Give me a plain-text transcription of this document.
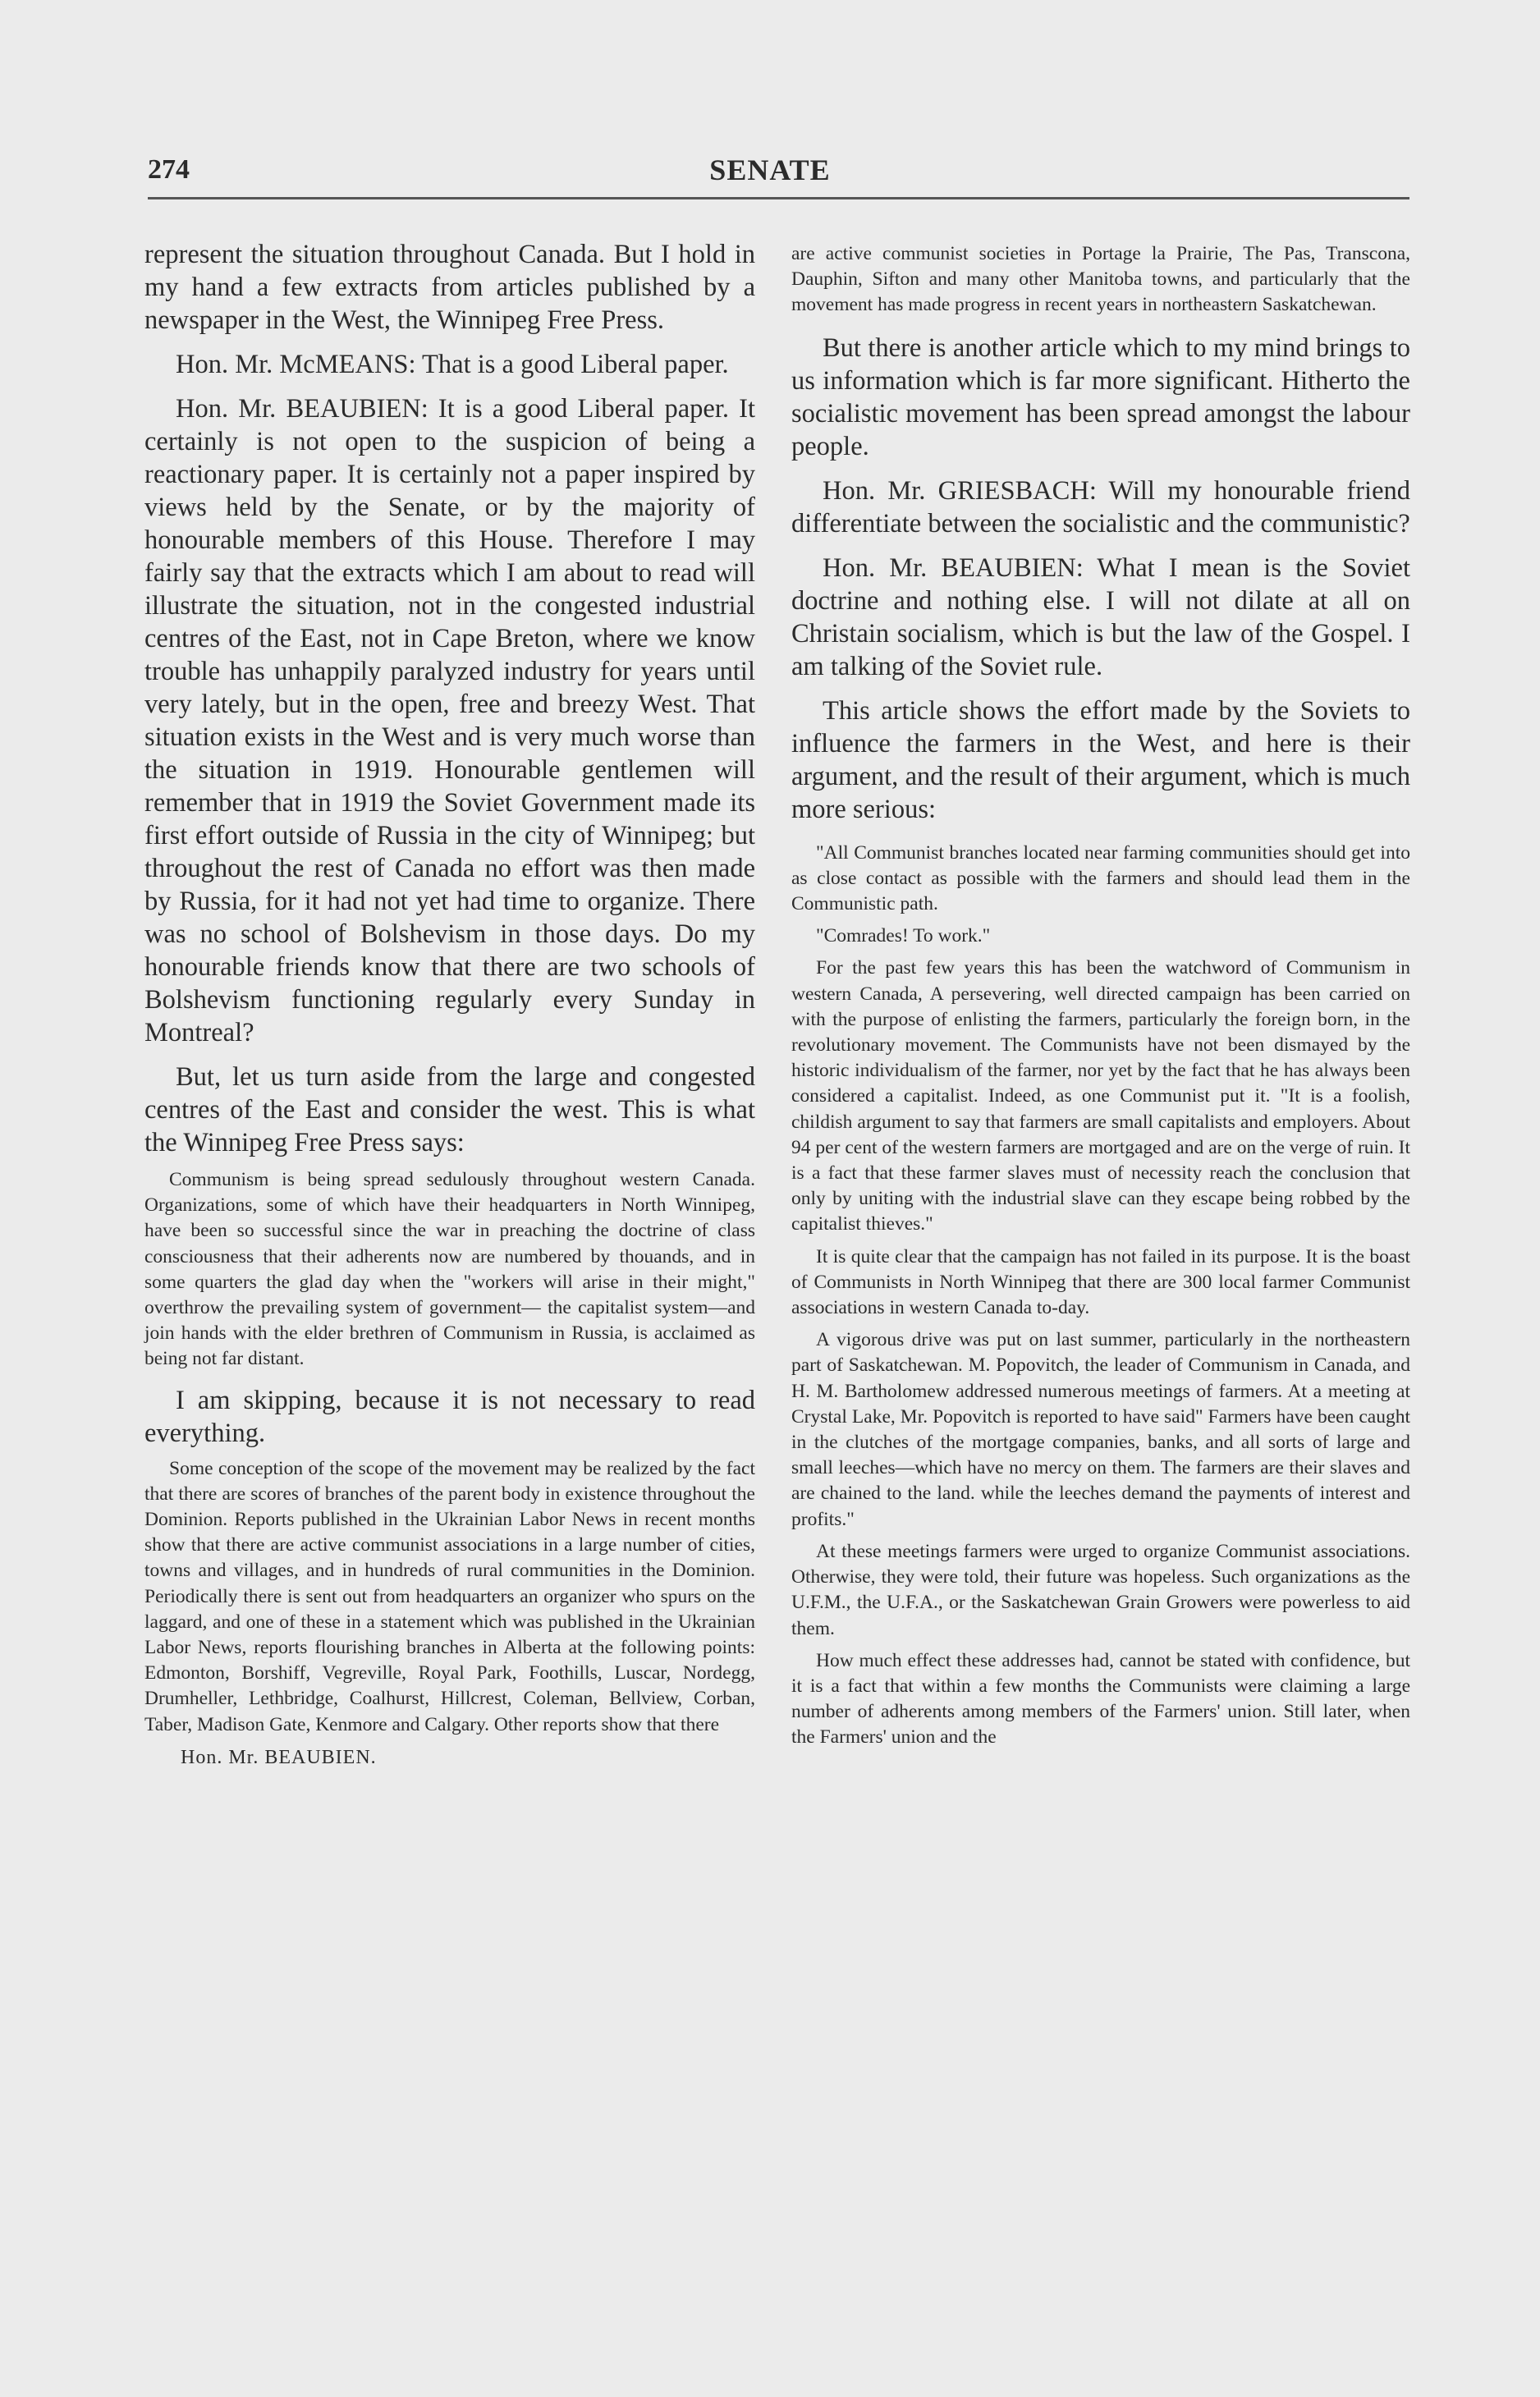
274	SENATE

represent the situation throughout Canada. But I hold in my hand a few extracts from articles published by a newspaper in the West, the Winnipeg Free Press.

Hon. Mr. McMEANS: That is a good Liberal paper.

Hon. Mr. BEAUBIEN: It is a good Liberal paper. It certainly is not open to the suspicion of being a reactionary paper. It is certainly not a paper inspired by views held by the Senate, or by the majority of honourable members of this House. Therefore I may fairly say that the extracts which I am about to read will illustrate the situation, not in the congested industrial centres of the East, not in Cape Breton, where we know trouble has unhappily paralyzed industry for years until very lately, but in the open, free and breezy West. That situation exists in the West and is very much worse than the situation in 1919. Honourable gentlemen will remember that in 1919 the Soviet Government made its first effort outside of Russia in the city of Winnipeg; but throughout the rest of Canada no effort was then made by Russia, for it had not yet had time to organize. There was no school of Bolshevism in those days. Do my honourable friends know that there are two schools of Bolshevism functioning regularly every Sunday in Montreal?

But, let us turn aside from the large and congested centres of the East and consider the west. This is what the Winnipeg Free Press says:

Communism is being spread sedulously throughout western Canada. Organizations, some of which have their headquarters in North Winnipeg, have been so successful since the war in preaching the doctrine of class consciousness that their adherents now are numbered by thouands, and in some quarters the glad day when the "workers will arise in their might," overthrow the prevailing system of government— the capitalist system—and join hands with the elder brethren of Communism in Russia, is acclaimed as being not far distant.

I am skipping, because it is not necessary to read everything.

Some conception of the scope of the movement may be realized by the fact that there are scores of branches of the parent body in existence throughout the Dominion. Reports published in the Ukrainian Labor News in recent months show that there are active communist associations in a large number of cities, towns and villages, and in hundreds of rural communities in the Dominion. Periodically there is sent out from headquarters an organizer who spurs on the laggard, and one of these in a statement which was published in the Ukrainian Labor News, reports flourishing branches in Alberta at the following points: Edmonton, Borshiff, Vegreville, Royal Park, Foothills, Luscar, Nordegg, Drumheller, Lethbridge, Coalhurst, Hillcrest, Coleman, Bellview, Corban, Taber, Madison Gate, Kenmore and Calgary. Other reports show that there

Hon. Mr. BEAUBIEN.

are active communist societies in Portage la Prairie, The Pas, Transcona, Dauphin, Sifton and many other Manitoba towns, and particularly that the movement has made progress in recent years in northeastern Saskatchewan.

But there is another article which to my mind brings to us information which is far more significant. Hitherto the socialistic movement has been spread amongst the labour people.

Hon. Mr. GRIESBACH: Will my honourable friend differentiate between the socialistic and the communistic?

Hon. Mr. BEAUBIEN: What I mean is the Soviet doctrine and nothing else. I will not dilate at all on Christain socialism, which is but the law of the Gospel. I am talking of the Soviet rule.

This article shows the effort made by the Soviets to influence the farmers in the West, and here is their argument, and the result of their argument, which is much more serious:

"All Communist branches located near farming communities should get into as close contact as possible with the farmers and should lead them in the Communistic path.

"Comrades! To work."

For the past few years this has been the watchword of Communism in western Canada, A persevering, well directed campaign has been carried on with the purpose of enlisting the farmers, particularly the foreign born, in the revolutionary movement. The Communists have not been dismayed by the historic individualism of the farmer, nor yet by the fact that he has always been considered a capitalist. Indeed, as one Communist put it. "It is a foolish, childish argument to say that farmers are small capitalists and employers. About 94 per cent of the western farmers are mortgaged and are on the verge of ruin. It is a fact that these farmer slaves must of necessity reach the conclusion that only by uniting with the industrial slave can they escape being robbed by the capitalist thieves."

It is quite clear that the campaign has not failed in its purpose. It is the boast of Communists in North Winnipeg that there are 300 local farmer Communist associations in western Canada to-day.

A vigorous drive was put on last summer, particularly in the northeastern part of Saskatchewan. M. Popovitch, the leader of Communism in Canada, and H. M. Bartholomew addressed numerous meetings of farmers. At a meeting at Crystal Lake, Mr. Popovitch is reported to have said" Farmers have been caught in the clutches of the mortgage companies, banks, and all sorts of large and small leeches—which have no mercy on them. The farmers are their slaves and are chained to the land. while the leeches demand the payments of interest and profits."

At these meetings farmers were urged to organize Communist associations. Otherwise, they were told, their future was hopeless. Such organizations as the U.F.M., the U.F.A., or the Saskatchewan Grain Growers were powerless to aid them.

How much effect these addresses had, cannot be stated with confidence, but it is a fact that within a few months the Communists were claiming a large number of adherents among members of the Farmers' union. Still later, when the Farmers' union and the
